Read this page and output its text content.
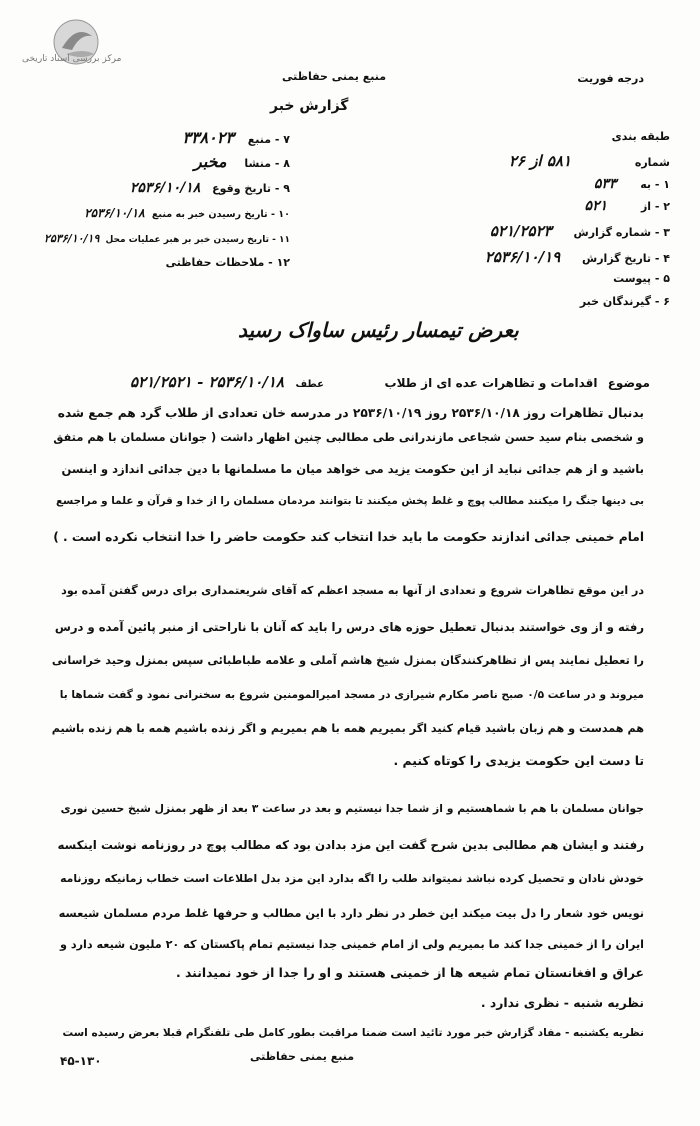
مرکز بررسی اسناد تاریخی
درجه فوریت
منبع یمنی حفاظتی
گزارش خبر
طبقه بندی
شماره ۵۸۱ از ۲۶
۱ - به ۵۳۳
۲ - از ۵۲۱
۳ - شماره گزارش ۵۲۱/۲۵۲۳
۴ - تاریخ گزارش ۲۵۳۶/۱۰/۱۹
۵ - پیوست
۶ - گیرندگان خبر
۷ - منبع ۳۳۸۰۲۳
۸ - منشا مخبر
۹ - تاریخ وقوع ۲۵۳۶/۱۰/۱۸
۱۰ - تاریخ رسیدن خبر به منبع ۲۵۳۶/۱۰/۱۸
۱۱ - تاریخ رسیدن خبر بر هبر عملیات محل ۲۵۳۶/۱۰/۱۹
۱۲ - ملاحظات حفاظتی
بعرض تیمسار رئیس ساواک رسید
موضوع اقدامات و تظاهرات عده ای از طلاب
عطف ۲۵۳۶/۱۰/۱۸ - ۵۲۱/۲۵۲۱
بدنبال تظاهرات روز ۲۵۳۶/۱۰/۱۸ روز ۲۵۳۶/۱۰/۱۹ در مدرسه خان تعدادی از طلاب گرد هم جمع شده
و شخصی بنام سید حسن شجاعی مازندرانی طی مطالبی چنین اظهار داشت ( جوانان مسلمان با هم متفق
باشید و از هم جدائی نباید از این حکومت یزید می خواهد میان ما مسلمانها با دین جدائی اندازد و اینسن
بی دینها جنگ را میکنند مطالب پوچ و غلط پخش میکنند تا بتوانند مردمان مسلمان را از خدا و قرآن و علما و مراجسع
امام خمینی جدائی اندازند حکومت ما باید خدا انتخاب کند حکومت حاضر را خدا انتخاب نکرده است . )
در این موقع تظاهرات شروع و تعدادی از آنها به مسجد اعظم که آقای شریعتمداری برای درس گفتن آمده بود
رفته و از وی خواستند بدنبال تعطیل حوزه های درس را باید که آنان با ناراحتی از منبر پائین آمده و درس
را تعطیل نمایند پس از تظاهرکنندگان بمنزل شیخ هاشم آملی و علامه طباطبائی سپس بمنزل وحید خراسانی
میروند و در ساعت ۰/۵ صبح ناصر مکارم شیرازی در مسجد امیرالمومنین شروع به سخنرانی نمود و گفت شماها با
هم همدست و هم زبان باشید قیام کنید اگر بمیریم همه با هم بمیریم و اگر زنده باشیم همه با هم زنده باشیم
تا دست این حکومت یزیدی را کوتاه کنیم .
جوانان مسلمان با هم با شماهستیم و از شما جدا نیستیم و بعد در ساعت ۳ بعد از ظهر بمنزل شیخ حسین نوری
رفتند و ایشان هم مطالبی بدین شرح گفت این مزد بدادن بود که مطالب پوچ در روزنامه نوشت اینکسه
خودش نادان و تحصیل کرده نباشد نمیتواند طلب را اگه بدارد این مزد بدل اطلاعات است خطاب زمانیکه روزنامه
نویس خود شعار را دل بیت میکند این خطر در نظر دارد با این مطالب و حرفها غلط مردم مسلمان شیعسه
ایران را از خمینی جدا کند ما بمیریم ولی از امام خمینی جدا نیستیم تمام پاکستان که ۲۰ ملیون شیعه دارد و
عراق و افغانستان تمام شیعه ها از خمینی هستند و او را جدا از خود نمیدانند .
نظریه شنبه - نظری ندارد .
نظریه یکشنبه - مفاد گزارش خبر مورد تائید است ضمنا مراقبت بطور کامل طی تلفنگرام قبلا بعرض رسیده است
منبع یمنی حفاظتی
۴۵-۱۳۰
